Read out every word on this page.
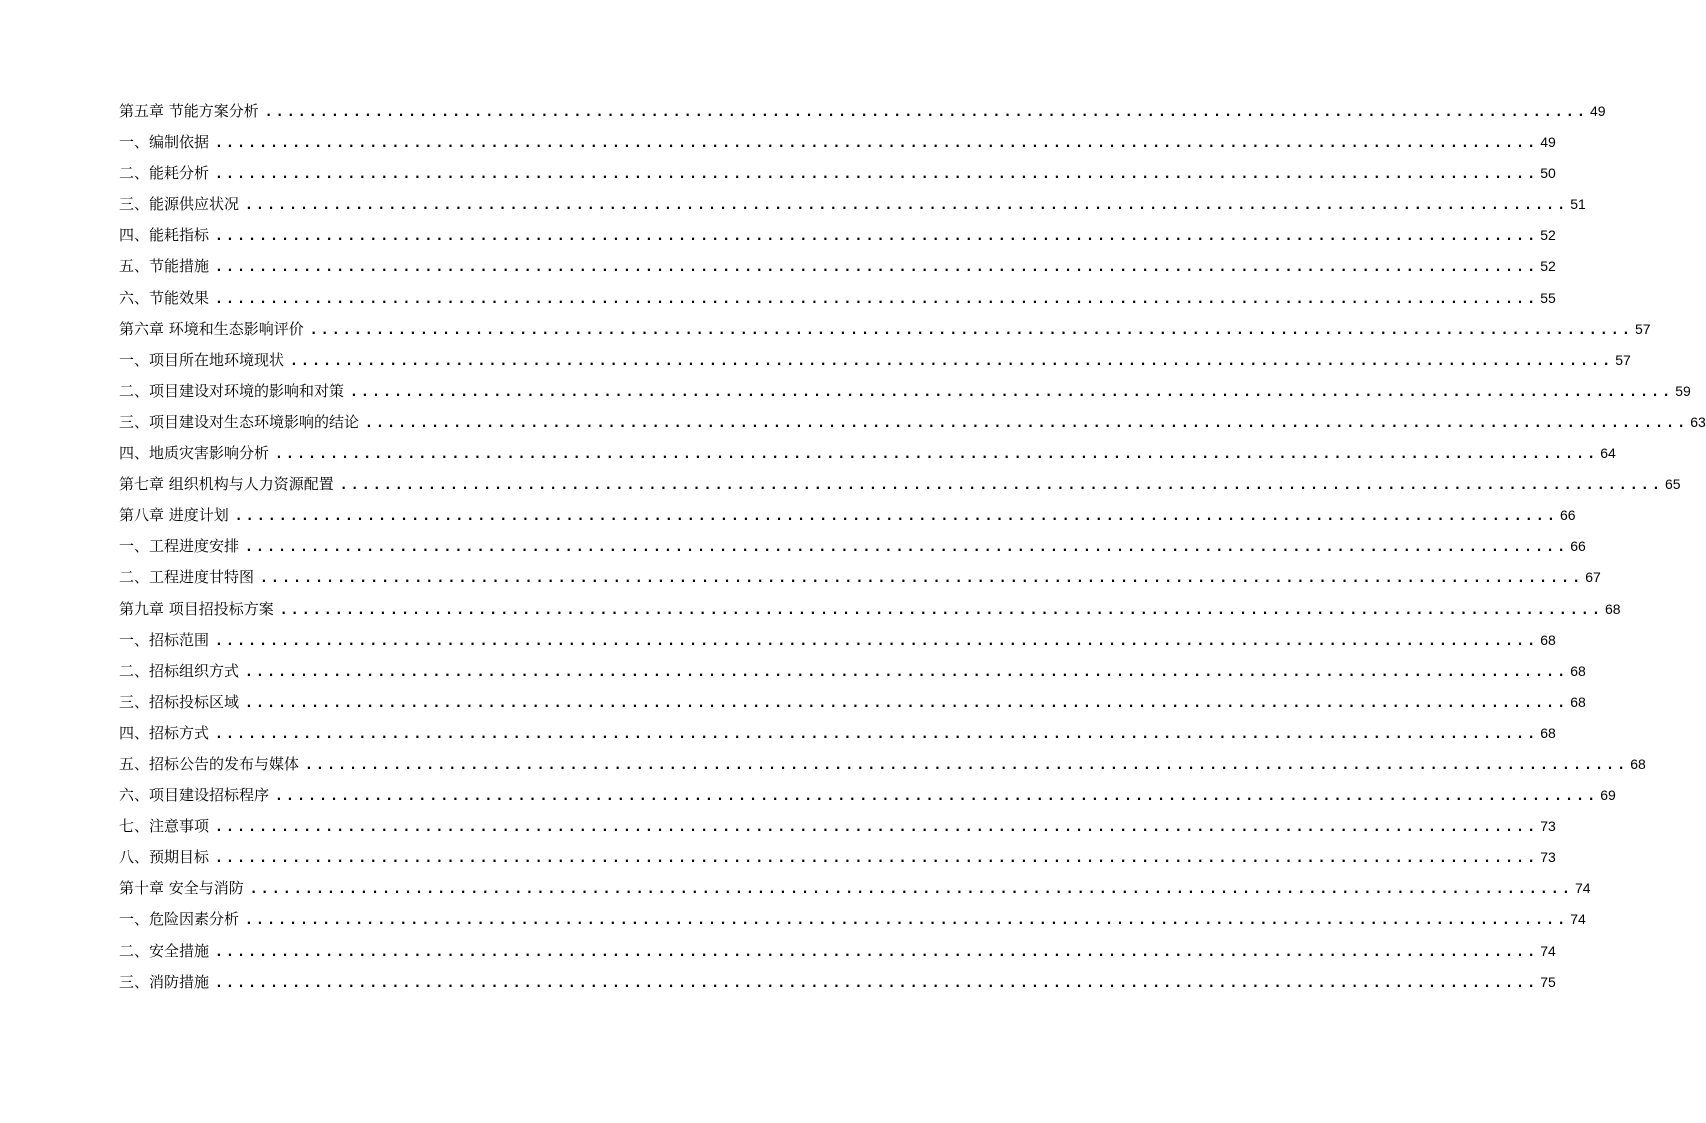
第五章 节能方案分析 ........................................................................................................................ 49
一、编制依据 ........................................................................................................................ 49
二、能耗分析 ........................................................................................................................ 50
三、能源供应状况 ........................................................................................................................ 51
四、能耗指标 ........................................................................................................................ 52
五、节能措施 ........................................................................................................................ 52
六、节能效果 ........................................................................................................................ 55
第六章 环境和生态影响评价 ........................................................................................................................ 57
一、项目所在地环境现状 ........................................................................................................................ 57
二、项目建设对环境的影响和对策 ........................................................................................................................ 59
三、项目建设对生态环境影响的结论 ........................................................................................................................ 63
四、地质灾害影响分析 ........................................................................................................................ 64
第七章 组织机构与人力资源配置 ........................................................................................................................ 65
第八章 进度计划 ........................................................................................................................ 66
一、工程进度安排 ........................................................................................................................ 66
二、工程进度甘特图 ........................................................................................................................ 67
第九章 项目招投标方案 ........................................................................................................................ 68
一、招标范围 ........................................................................................................................ 68
二、招标组织方式 ........................................................................................................................ 68
三、招标投标区域 ........................................................................................................................ 68
四、招标方式 ........................................................................................................................ 68
五、招标公告的发布与媒体 ........................................................................................................................ 68
六、项目建设招标程序 ........................................................................................................................ 69
七、注意事项 ........................................................................................................................ 73
八、预期目标 ........................................................................................................................ 73
第十章 安全与消防 ........................................................................................................................ 74
一、危险因素分析 ........................................................................................................................ 74
二、安全措施 ........................................................................................................................ 74
三、消防措施 ........................................................................................................................ 75
